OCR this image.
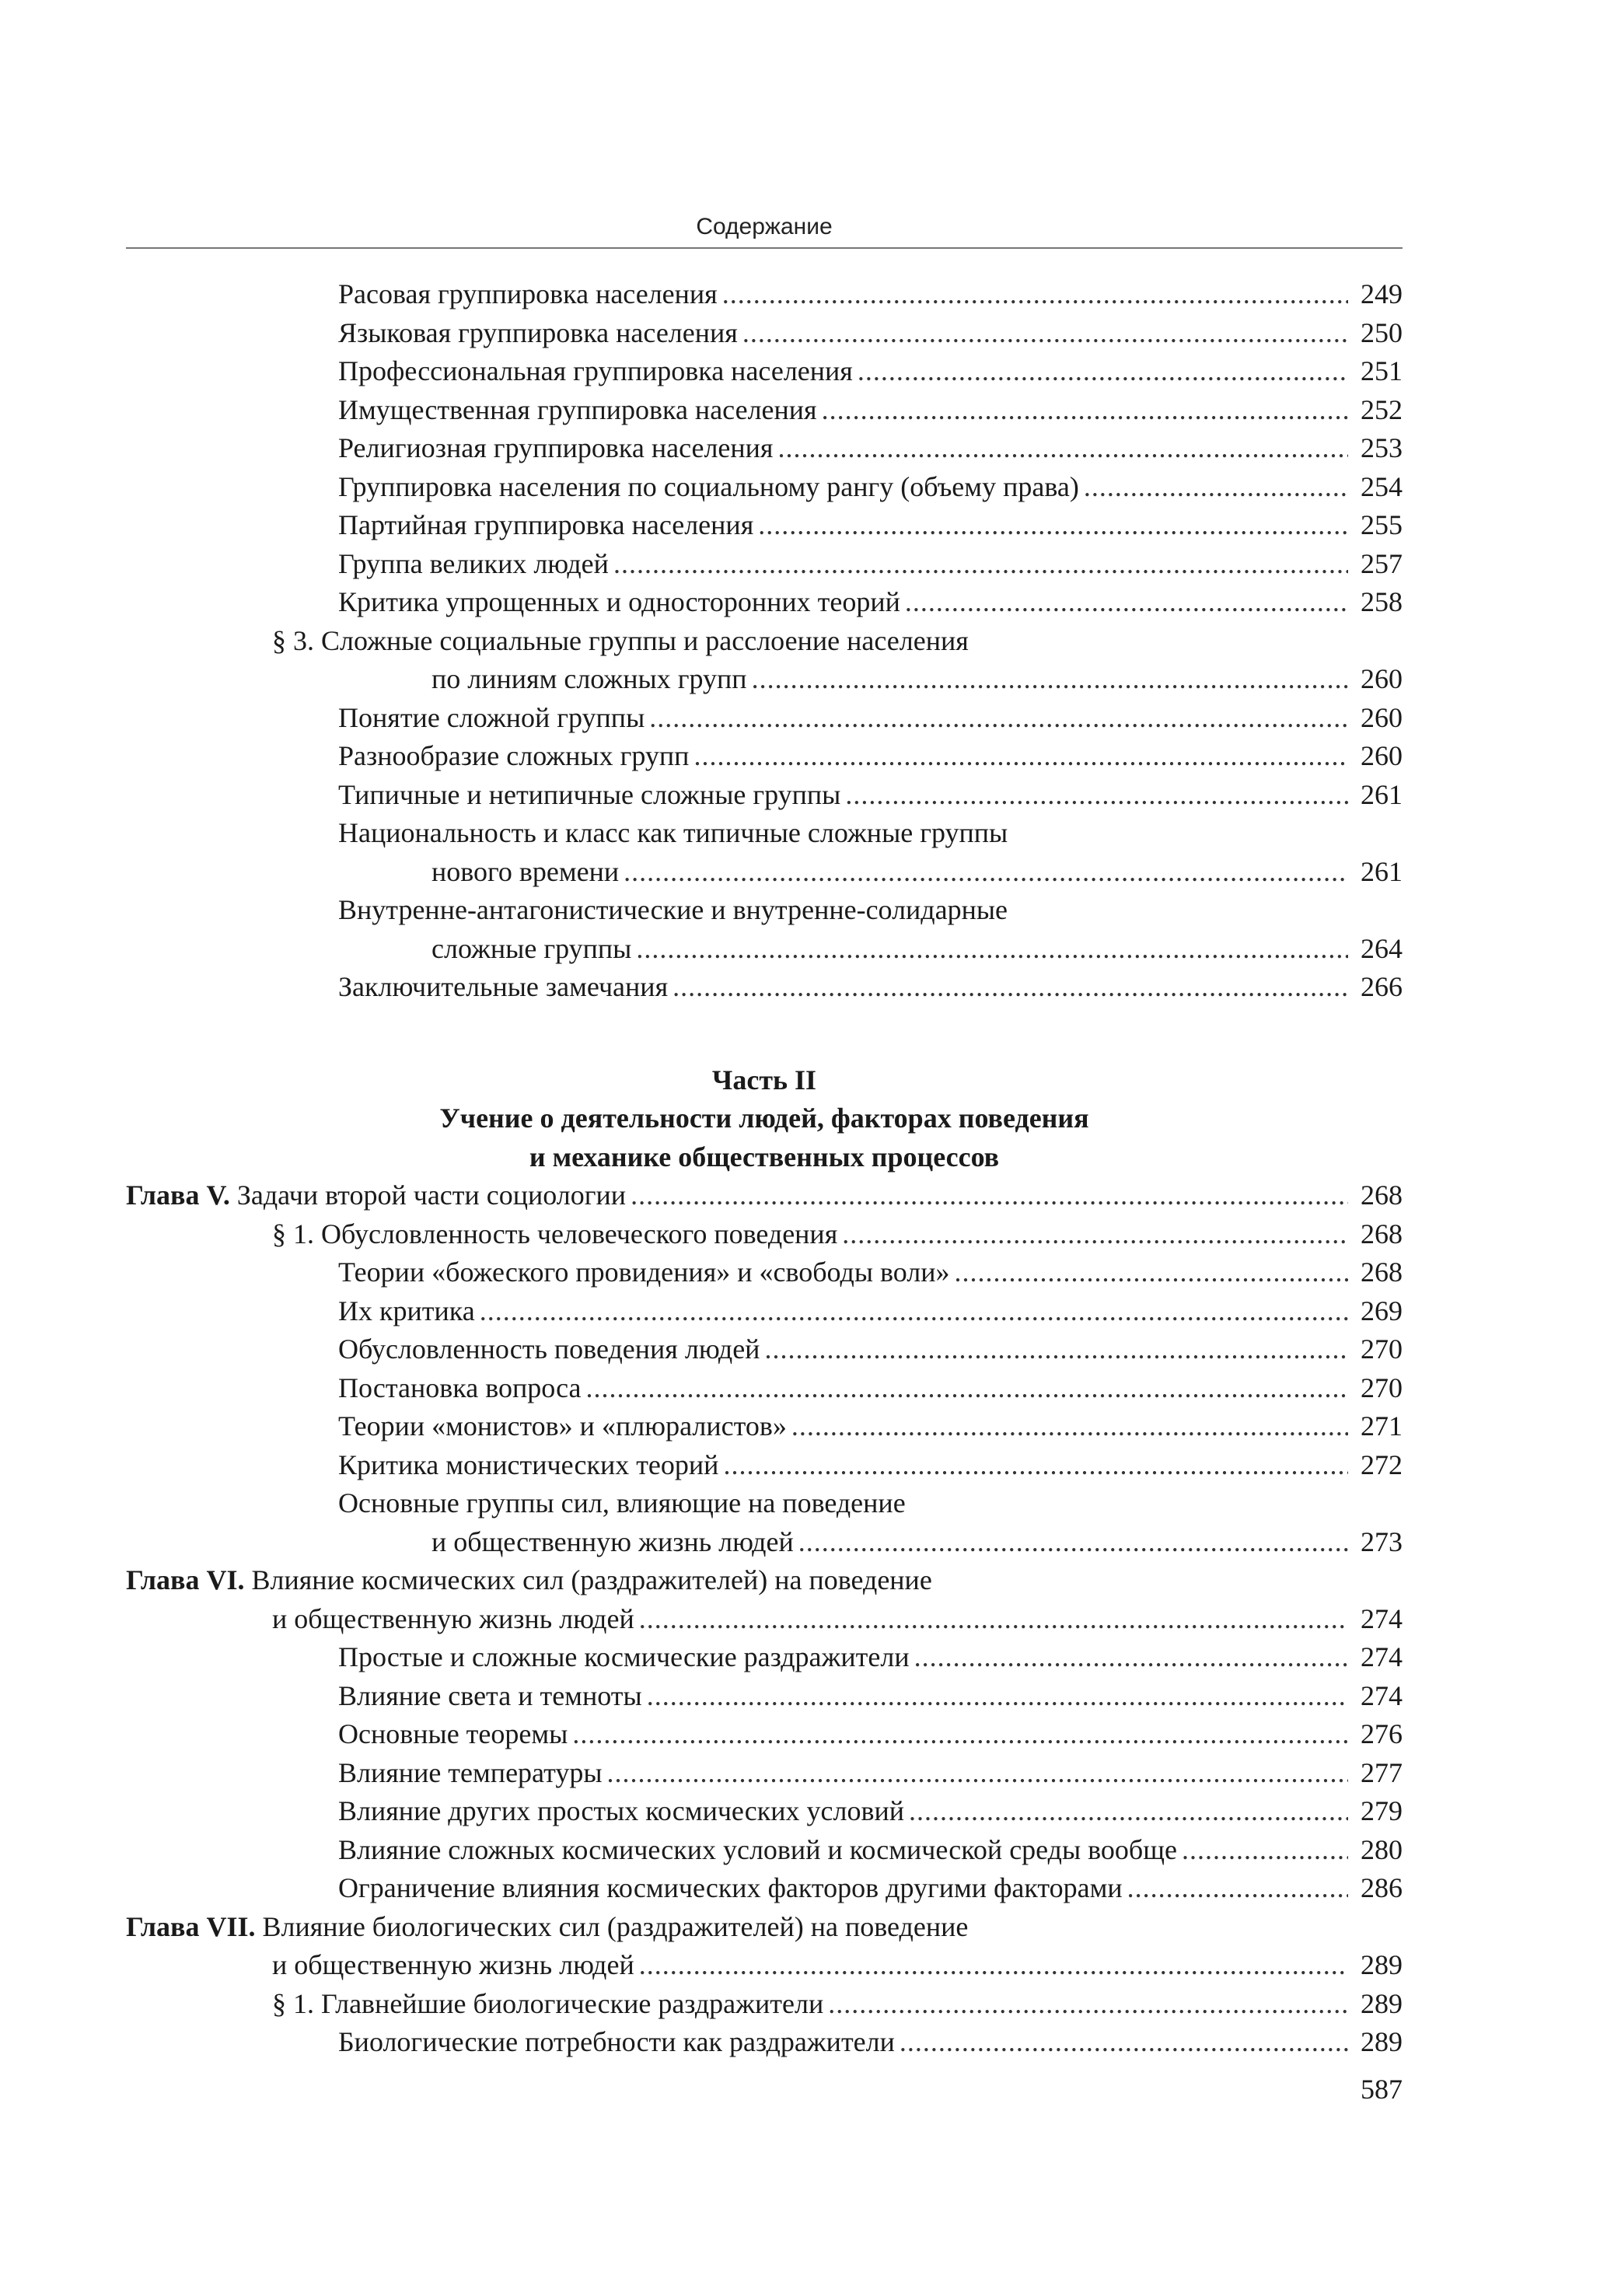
Содержание
Расовая группировка населения .....	249
Языковая группировка населения .....	250
Профессиональная группировка населения .....	251
Имущественная группировка населения .....	252
Религиозная группировка населения .....	253
Группировка населения по социальному рангу (объему права) .....	254
Партийная группировка населения .....	255
Группа великих людей .....	257
Критика упрощенных и односторонних теорий .....	258
§ 3. Сложные социальные группы и расслоение населения
по линиям сложных групп .....	260
Понятие сложной группы .....	260
Разнообразие сложных групп .....	260
Типичные и нетипичные сложные группы .....	261
Национальность и класс как типичные сложные группы
нового времени .....	261
Внутренне-антагонистические и внутренне-солидарные
сложные группы .....	264
Заключительные замечания .....	266
Часть II
Учение о деятельности людей, факторах поведения
и механике общественных процессов
Глава V. Задачи второй части социологии .....	268
§ 1. Обусловленность человеческого поведения .....	268
Теории «божеского провидения» и «свободы воли» .....	268
Их критика .....	269
Обусловленность поведения людей .....	270
Постановка вопроса .....	270
Теории «монистов» и «плюралистов» .....	271
Критика монистических теорий .....	272
Основные группы сил, влияющие на поведение
и общественную жизнь людей .....	273
Глава VI. Влияние космических сил (раздражителей) на поведение
и общественную жизнь людей .....	274
Простые и сложные космические раздражители .....	274
Влияние света и темноты .....	274
Основные теоремы .....	276
Влияние температуры .....	277
Влияние других простых космических условий .....	279
Влияние сложных космических условий и космической среды вообще .....	280
Ограничение влияния космических факторов другими факторами .....	286
Глава VII. Влияние биологических сил (раздражителей) на поведение
и общественную жизнь людей .....	289
§ 1. Главнейшие биологические раздражители .....	289
Биологические потребности как раздражители .....	289
587
